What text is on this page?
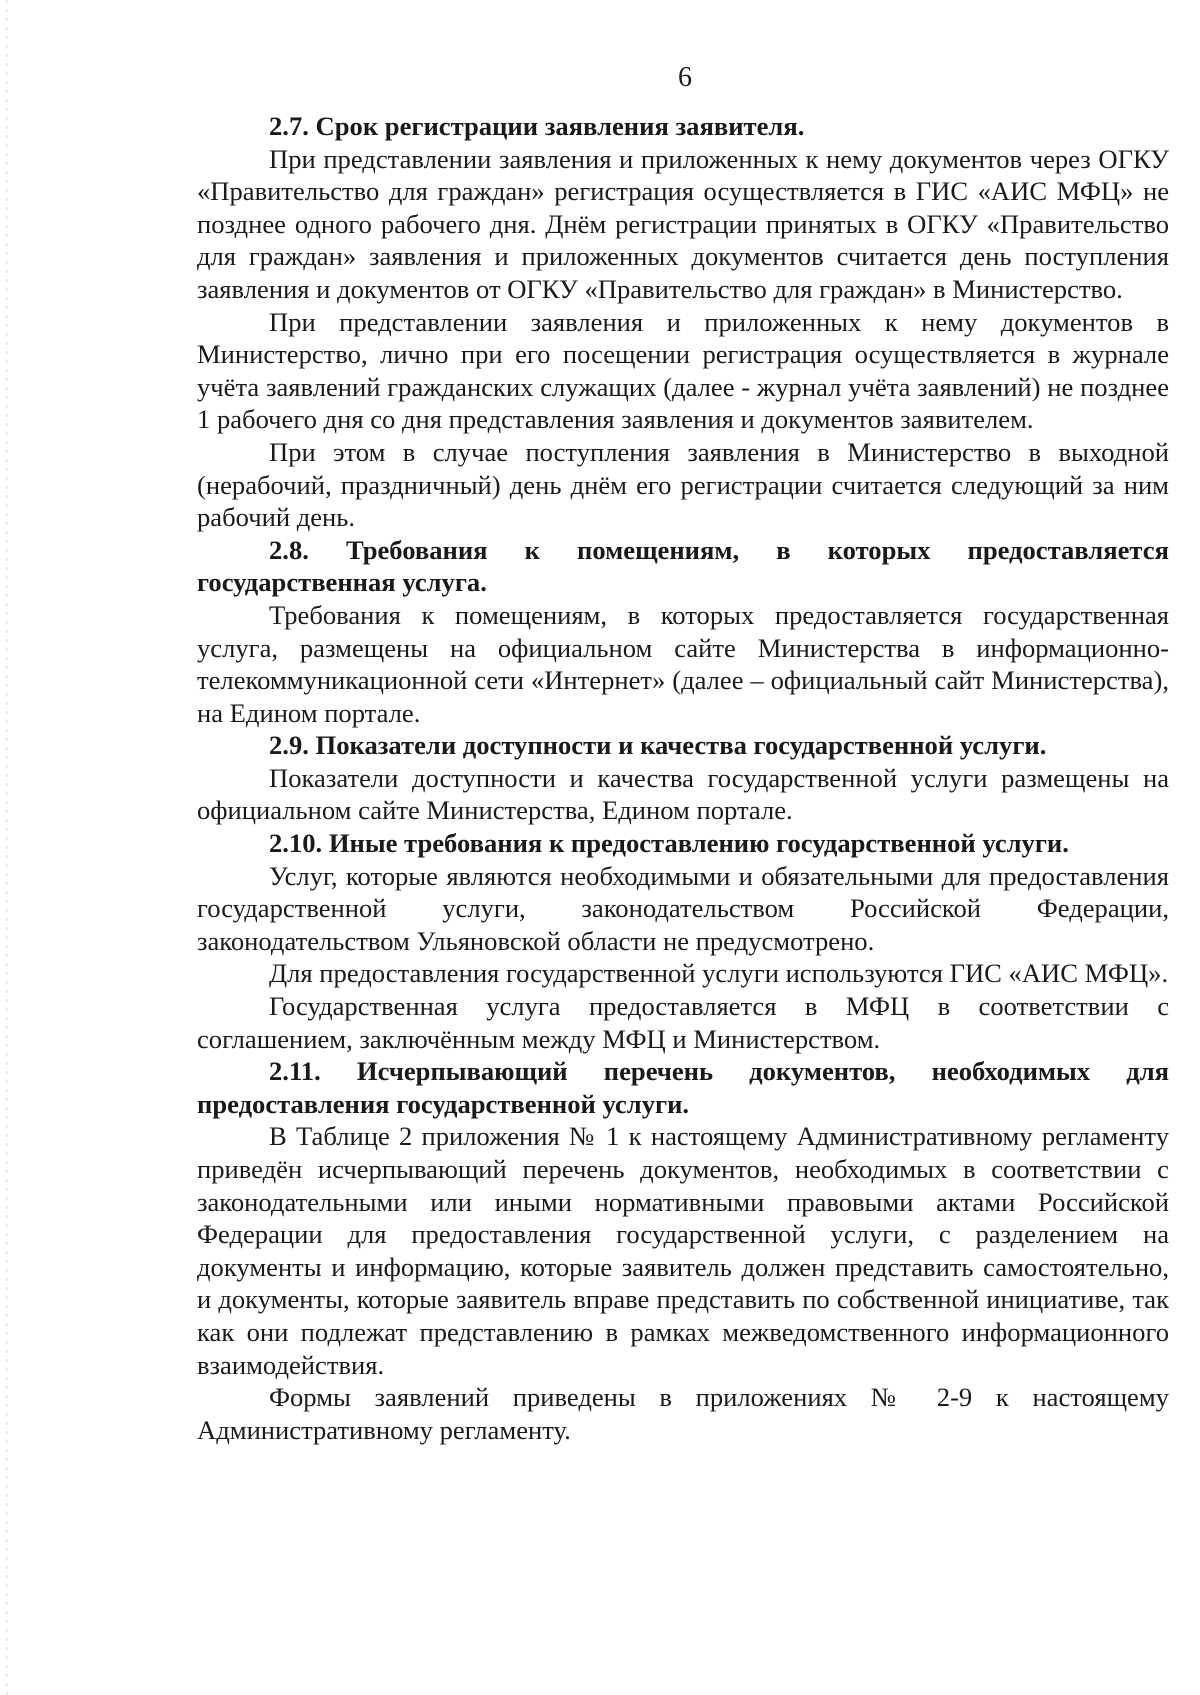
6

2.7. Срок регистрации заявления заявителя.

При представлении заявления и приложенных к нему документов через ОГКУ «Правительство для граждан» регистрация осуществляется в ГИС «АИС МФЦ» не позднее одного рабочего дня. Днём регистрации принятых в ОГКУ «Правительство для граждан» заявления и приложенных документов считается день поступления заявления и документов от ОГКУ «Правительство для граждан» в Министерство.

При представлении заявления и приложенных к нему документов в Министерство, лично при его посещении регистрация осуществляется в журнале учёта заявлений гражданских служащих (далее - журнал учёта заявлений) не позднее 1 рабочего дня со дня представления заявления и документов заявителем.

При этом в случае поступления заявления в Министерство в выходной (нерабочий, праздничный) день днём его регистрации считается следующий за ним рабочий день.

2.8. Требования к помещениям, в которых предоставляется государственная услуга.

Требования к помещениям, в которых предоставляется государственная услуга, размещены на официальном сайте Министерства в информационно-телекоммуникационной сети «Интернет» (далее – официальный сайт Министерства), на Едином портале.

2.9. Показатели доступности и качества государственной услуги.

Показатели доступности и качества государственной услуги размещены на официальном сайте Министерства, Едином портале.

2.10. Иные требования к предоставлению государственной услуги.

Услуг, которые являются необходимыми и обязательными для предоставления государственной услуги, законодательством Российской Федерации, законодательством Ульяновской области не предусмотрено.

Для предоставления государственной услуги используются ГИС «АИС МФЦ».

Государственная услуга предоставляется в МФЦ в соответствии с соглашением, заключённым между МФЦ и Министерством.

2.11. Исчерпывающий перечень документов, необходимых для предоставления государственной услуги.

В Таблице 2 приложения № 1 к настоящему Административному регламенту приведён исчерпывающий перечень документов, необходимых в соответствии с законодательными или иными нормативными правовыми актами Российской Федерации для предоставления государственной услуги, с разделением на документы и информацию, которые заявитель должен представить самостоятельно, и документы, которые заявитель вправе представить по собственной инициативе, так как они подлежат представлению в рамках межведомственного информационного взаимодействия.

Формы заявлений приведены в приложениях № 2-9 к настоящему Административному регламенту.
